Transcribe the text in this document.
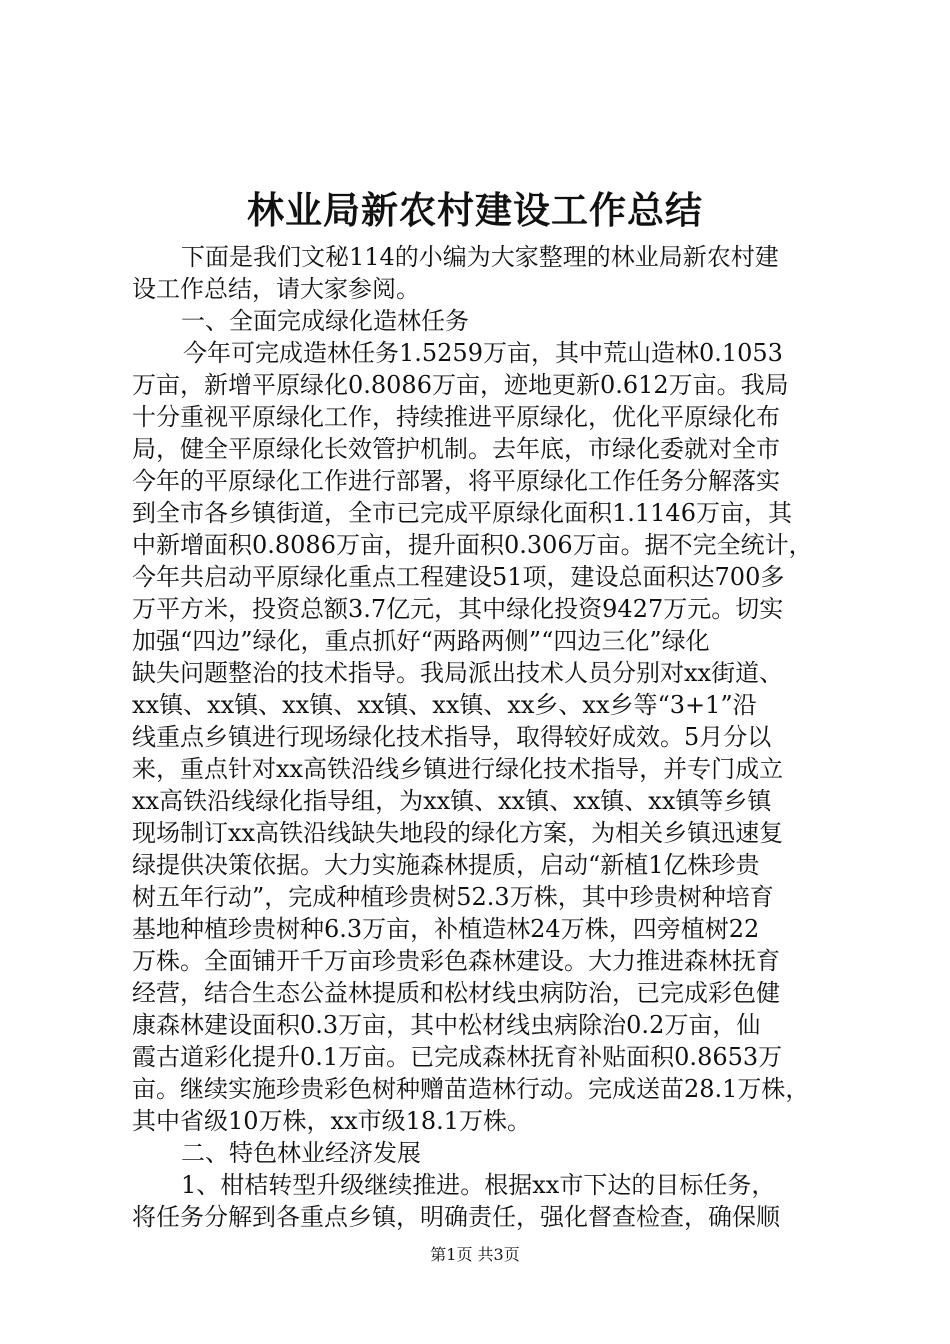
林业局新农村建设工作总结
下面是我们文秘114的小编为大家整理的林业局新农村建
设工作总结，请大家参阅。
一、全面完成绿化造林任务
今年可完成造林任务1.5259万亩，其中荒山造林0.1053
万亩，新增平原绿化0.8086万亩，迹地更新0.612万亩。我局
十分重视平原绿化工作，持续推进平原绿化，优化平原绿化布
局，健全平原绿化长效管护机制。去年底，市绿化委就对全市
今年的平原绿化工作进行部署，将平原绿化工作任务分解落实
到全市各乡镇街道，全市已完成平原绿化面积1.1146万亩，其
中新增面积0.8086万亩，提升面积0.306万亩。据不完全统计，
今年共启动平原绿化重点工程建设51项，建设总面积达700多
万平方米，投资总额3.7亿元，其中绿化投资9427万元。切实
加强“四边”绿化，重点抓好“两路两侧”“四边三化”绿化
缺失问题整治的技术指导。我局派出技术人员分别对xx街道、
xx镇、xx镇、xx镇、xx镇、xx镇、xx乡、xx乡等“3+1”沿
线重点乡镇进行现场绿化技术指导，取得较好成效。5月分以
来，重点针对xx高铁沿线乡镇进行绿化技术指导，并专门成立
xx高铁沿线绿化指导组，为xx镇、xx镇、xx镇、xx镇等乡镇
现场制订xx高铁沿线缺失地段的绿化方案，为相关乡镇迅速复
绿提供决策依据。大力实施森林提质，启动“新植1亿株珍贵
树五年行动”，完成种植珍贵树52.3万株，其中珍贵树种培育
基地种植珍贵树种6.3万亩，补植造林24万株，四旁植树22
万株。全面铺开千万亩珍贵彩色森林建设。大力推进森林抚育
经营，结合生态公益林提质和松材线虫病防治，已完成彩色健
康森林建设面积0.3万亩，其中松材线虫病除治0.2万亩，仙
霞古道彩化提升0.1万亩。已完成森林抚育补贴面积0.8653万
亩。继续实施珍贵彩色树种赠苗造林行动。完成送苗28.1万株，
其中省级10万株，xx市级18.1万株。
二、特色林业经济发展
1、柑桔转型升级继续推进。根据xx市下达的目标任务，
将任务分解到各重点乡镇，明确责任，强化督查检查，确保顺
第1页 共3页
